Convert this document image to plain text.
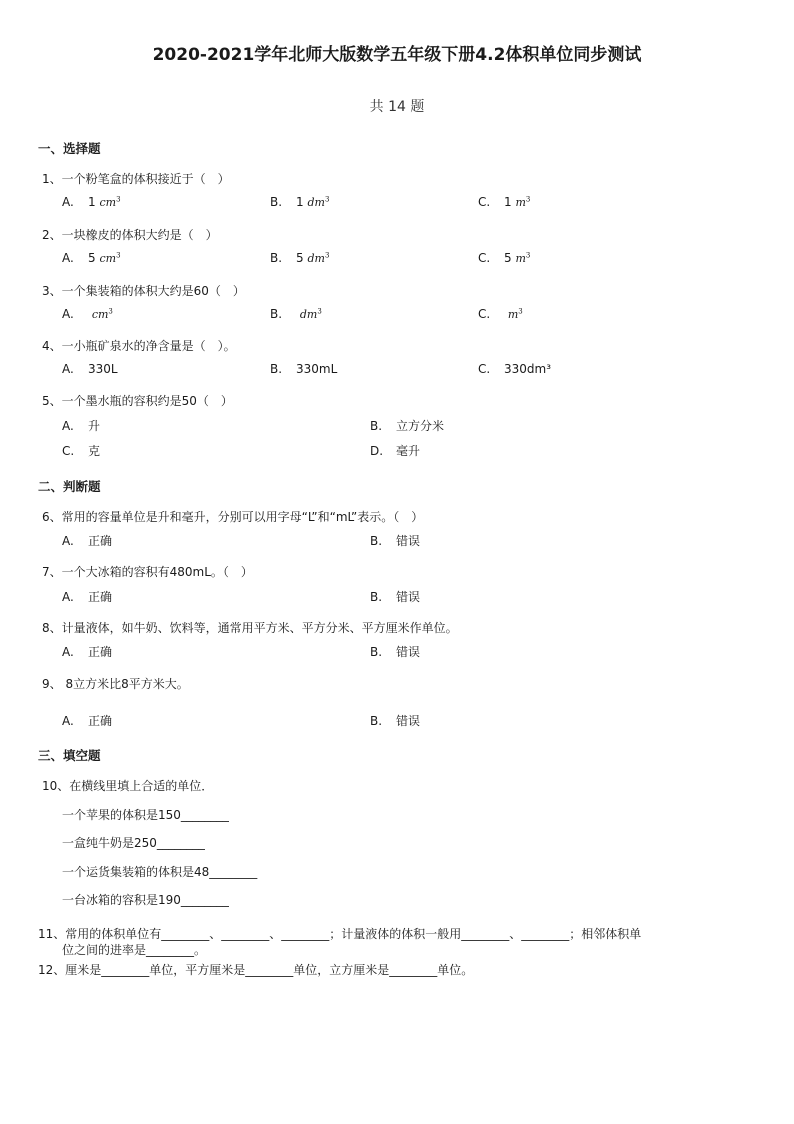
2020-2021学年北师大版数学五年级下册4.2体积单位同步测试
共 14 题
一、选择题
1、一个粉笔盒的体积接近于（　）
A. 1 $cm^3$	B. 1 $dm^3$	C. 1 $m^3$
2、一块橡皮的体积大约是（　）
A. 5 $cm^3$	B. 5 $dm^3$	C. 5 $m^3$
3、一个集装箱的体积大约是60（　）
A. $cm^3$	B. $dm^3$	C. $m^3$
4、一小瓶矿泉水的净含量是（　）。
A. 330L	B. 330mL	C. 330dm³
5、一个墨水瓶的容积约是50（　）
A. 升	B. 立方分米
C. 克	D. 毫升
二、判断题
6、常用的容量单位是升和毫升，分别可以用字母“L”和“mL”表示。（　）
A. 正确	B. 错误
7、一个大冰箱的容积有480mL。（　）
A. 正确	B. 错误
8、计量液体，如牛奶、饮料等，通常用平方米、平方分米、平方厘米作单位。
A. 正确	B. 错误
9、 8立方米比8平方米大。
A. 正确	B. 错误
三、填空题
10、在横线里填上合适的单位．
一个苹果的体积是150________
一盒纯牛奶是250________
一个运货集装箱的体积是48________
一台冰箱的容积是190________
11、常用的体积单位有________、________、________；计量液体的体积一般用________、________；相邻体积单
位之间的进率是________。
12、厘米是________单位，平方厘米是________单位，立方厘米是________单位。
